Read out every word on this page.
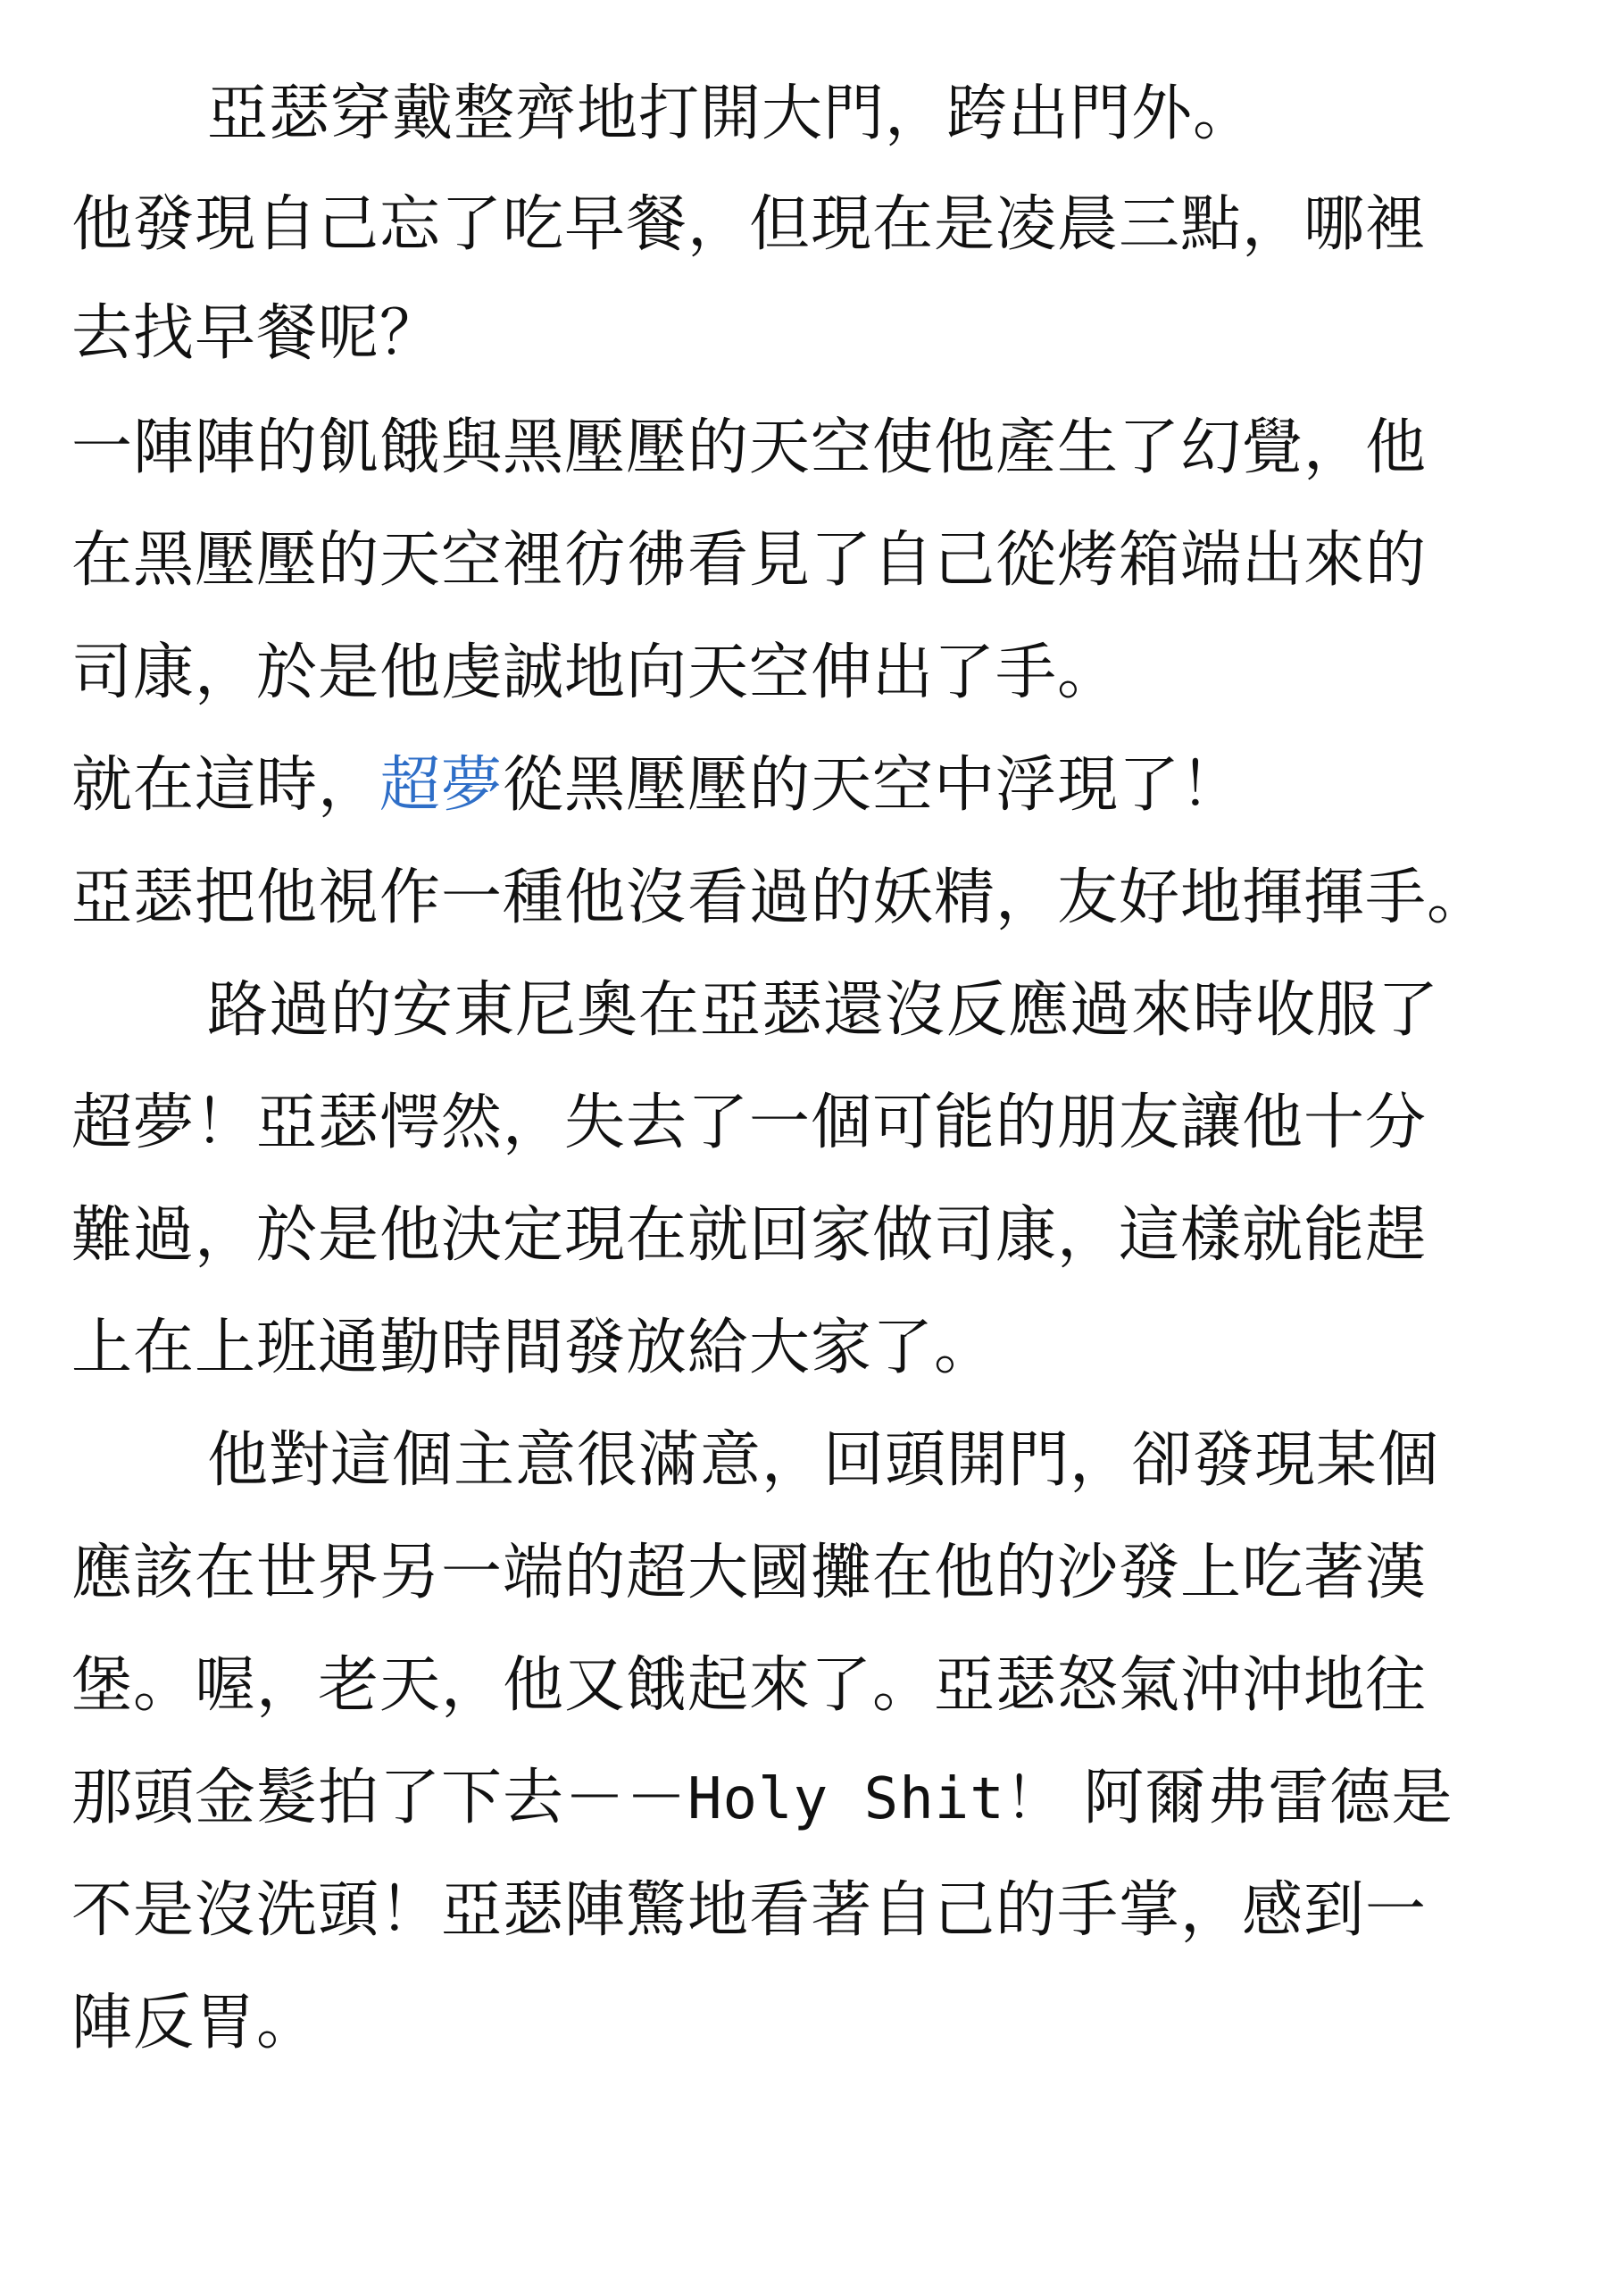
亞瑟穿戴整齊地打開大門，跨出門外。

他發現自己忘了吃早餐，但現在是凌晨三點，哪裡

去找早餐呢？

一陣陣的飢餓與黑壓壓的天空使他產生了幻覺，他

在黑壓壓的天空裡彷彿看見了自己從烤箱端出來的

司康，於是他虔誠地向天空伸出了手。

就在這時，超夢從黑壓壓的天空中浮現了！

亞瑟把他視作一種他沒看過的妖精，友好地揮揮手。

路過的安東尼奧在亞瑟還沒反應過來時收服了

超夢！亞瑟愕然，失去了一個可能的朋友讓他十分

難過，於是他決定現在就回家做司康，這樣就能趕

上在上班通勤時間發放給大家了。

他對這個主意很滿意，回頭開門，卻發現某個

應該在世界另一端的超大國攤在他的沙發上吃著漢

堡。喔，老天，他又餓起來了。亞瑟怒氣沖沖地往

那頭金髮拍了下去－－Holy Shit！ 阿爾弗雷德是

不是沒洗頭！亞瑟陣驚地看著自己的手掌，感到一

陣反胃。
